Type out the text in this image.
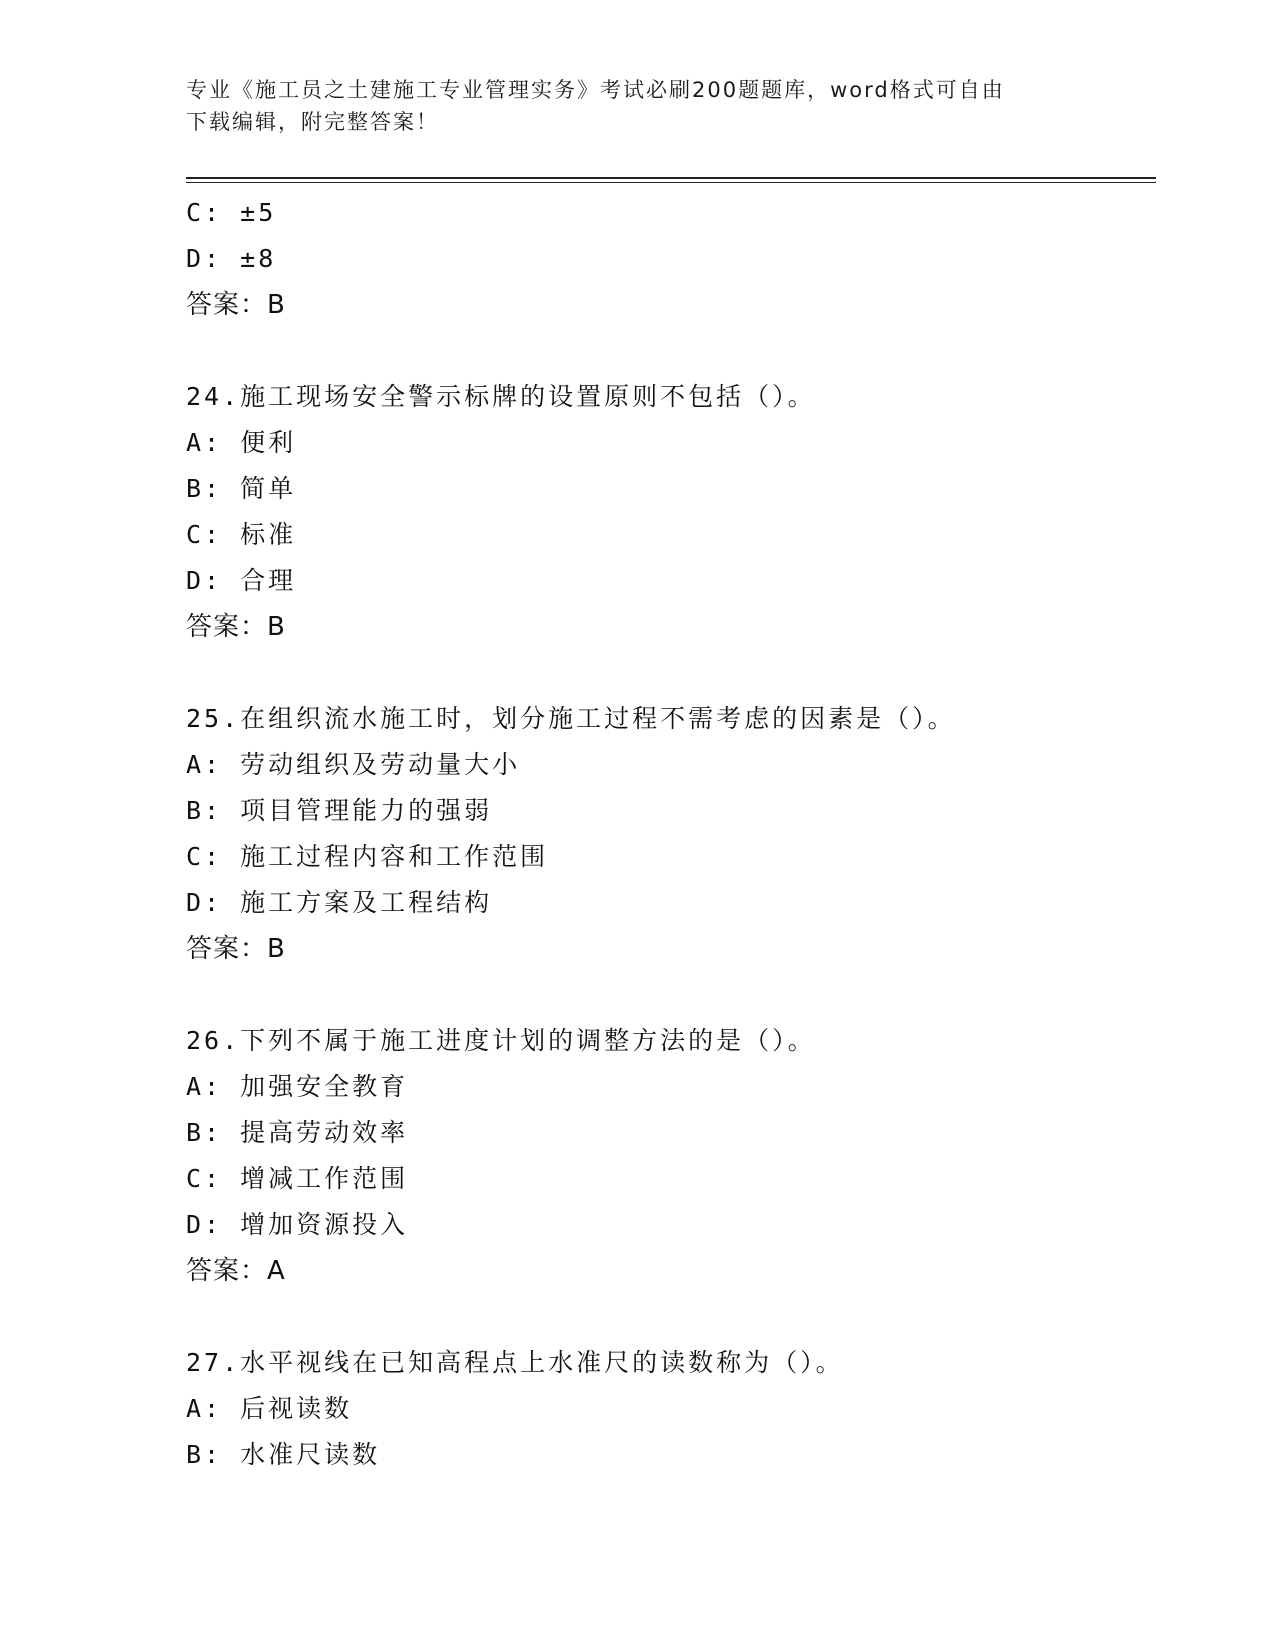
专业《施工员之土建施工专业管理实务》考试必刷200题题库，word格式可自由
下载编辑，附完整答案！
C: ±5
D: ±8
答案：B
24.施工现场安全警示标牌的设置原则不包括（）。
A: 便利
B: 简单
C: 标准
D: 合理
答案：B
25.在组织流水施工时，划分施工过程不需考虑的因素是（）。
A: 劳动组织及劳动量大小
B: 项目管理能力的强弱
C: 施工过程内容和工作范围
D: 施工方案及工程结构
答案：B
26.下列不属于施工进度计划的调整方法的是（）。
A: 加强安全教育
B: 提高劳动效率
C: 增减工作范围
D: 增加资源投入
答案：A
27.水平视线在已知高程点上水准尺的读数称为（）。
A: 后视读数
B: 水准尺读数
